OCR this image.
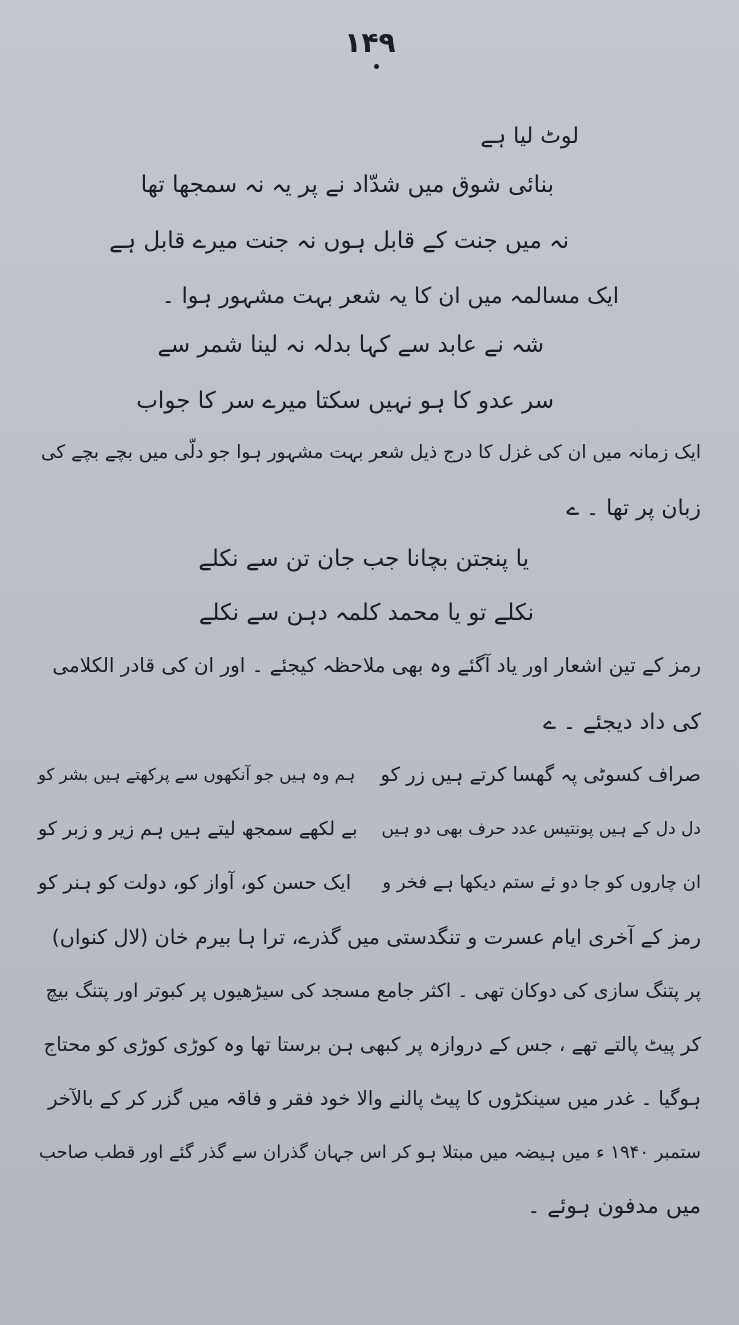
۱۴۹
لوٹ لیا ہے
بنائی شوق میں شدّاد نے پر یہ نہ سمجھا تھا
نہ میں جنت کے قابل ہوں نہ جنت میرے قابل ہے
ایک مسالمہ میں ان کا یہ شعر بہت مشہور ہوا ۔
شہ نے عابد سے کہا بدلہ نہ لینا شمر سے
سر عدو کا ہو نہیں سکتا میرے سر کا جواب
ایک زمانہ میں ان کی غزل کا درج ذیل شعر بہت مشہور ہوا جو دلّی میں بچے بچے کی
زبان پر تھا ۔ ے
یا پنجتن بچانا جب جان تن سے نکلے
نکلے تو یا محمد کلمہ دہن سے نکلے
رمز کے تین اشعار اور یاد آگئے وہ بھی ملاحظہ کیجئے ۔ اور ان کی قادر الکلامی
کی داد دیجئے ۔ ے
صراف کسوٹی پہ گھسا کرتے ہیں زر کو
ہم وہ ہیں جو آنکھوں سے پرکھتے ہیں بشر کو
دل دل کے ہیں پونتیس عدد حرف بھی دو ہیں
بے لکھے سمجھ لیتے ہیں ہم زیر و زبر کو
ان چاروں کو جا دو ئے ستم دیکھا ہے فخر و
ایک حسن کو، آواز کو، دولت کو ہنر کو
رمز کے آخری ایام عسرت و تنگدستی میں گذرے، ترا ہا بیرم خان (لال کنواں)
پر پتنگ سازی کی دوکان تھی ۔ اکثر جامع مسجد کی سیڑھیوں پر کبوتر اور پتنگ بیچ
کر پیٹ پالتے تھے ، جس کے دروازہ پر کبھی ہن برستا تھا وہ کوڑی کوڑی کو محتاج
ہوگیا ۔ غدر میں سینکڑوں کا پیٹ پالنے والا خود فقر و فاقہ میں گزر کر کے بالآخر
ستمبر ۱۹۴۰ ء میں ہیضہ میں مبتلا ہو کر اس جہان گذران سے گذر گئے اور قطب صاحب
میں مدفون ہوئے ۔
